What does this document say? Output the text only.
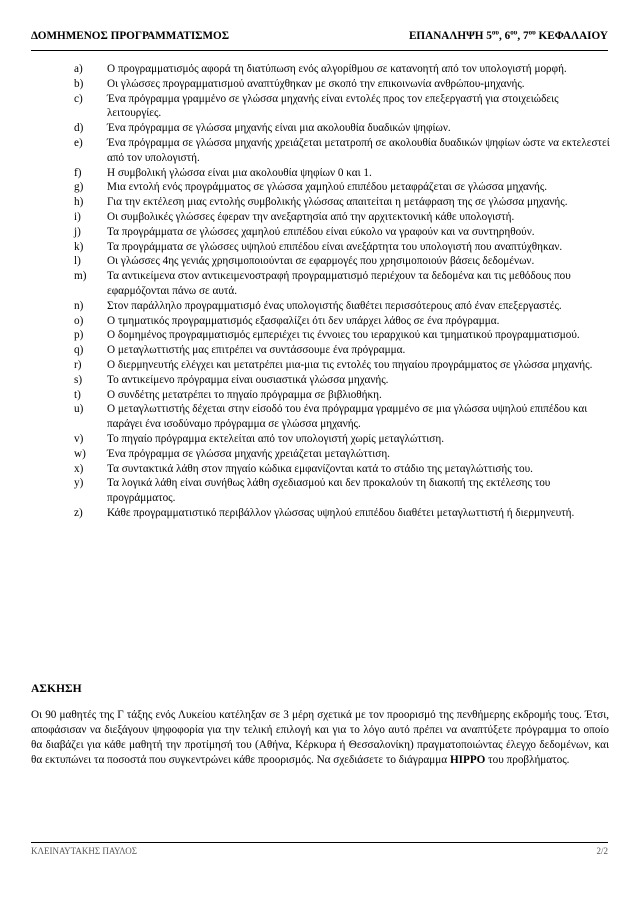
ΔΟΜΗΜΕΝΟΣ ΠΡΟΓΡΑΜΜΑΤΙΣΜΟΣ	ΕΠΑΝΑΛΗΨΗ $5^{o\upsilon}$, $6^{o\upsilon}$, $7^{o\upsilon}$ ΚΕΦΑΛΑΙΟΥ
a)	Ο προγραμματισμός αφορά τη διατύπωση ενός αλγορίθμου σε κατανοητή από τον υπολογιστή μορφή.
b)	Οι γλώσσες προγραμματισμού αναπτύχθηκαν με σκοπό την επικοινωνία ανθρώπου-μηχανής.
c)	Ένα πρόγραμμα γραμμένο σε γλώσσα μηχανής είναι εντολές προς τον επεξεργαστή για στοιχειώδεις λειτουργίες.
d)	Ένα πρόγραμμα σε γλώσσα μηχανής είναι μια ακολουθία δυαδικών ψηφίων.
e)	Ένα πρόγραμμα σε γλώσσα μηχανής χρειάζεται μετατροπή σε ακολουθία δυαδικών ψηφίων ώστε να εκτελεστεί από τον υπολογιστή.
f)	Η συμβολική γλώσσα είναι μια ακολουθία ψηφίων 0 και 1.
g)	Μια εντολή ενός προγράμματος σε γλώσσα χαμηλού επιπέδου μεταφράζεται σε γλώσσα μηχανής.
h)	Για την εκτέλεση μιας εντολής συμβολικής γλώσσας απαιτείται η μετάφραση της σε γλώσσα μηχανής.
i)	Οι συμβολικές γλώσσες έφεραν την ανεξαρτησία από την αρχιτεκτονική κάθε υπολογιστή.
j)	Τα προγράμματα σε γλώσσες χαμηλού επιπέδου είναι εύκολο να γραφούν και να συντηρηθούν.
k)	Τα προγράμματα σε γλώσσες υψηλού επιπέδου είναι ανεξάρτητα του υπολογιστή που αναπτύχθηκαν.
l)	Οι γλώσσες 4ης γενιάς χρησιμοποιούνται σε εφαρμογές που χρησιμοποιούν βάσεις δεδομένων.
m)	Τα αντικείμενα στον αντικειμενοστραφή προγραμματισμό περιέχουν τα δεδομένα και τις μεθόδους που εφαρμόζονται πάνω σε αυτά.
n)	Στον παράλληλο προγραμματισμό ένας υπολογιστής διαθέτει περισσότερους από έναν επεξεργαστές.
o)	Ο τμηματικός προγραμματισμός εξασφαλίζει ότι δεν υπάρχει λάθος σε ένα πρόγραμμα.
p)	Ο δομημένος προγραμματισμός εμπεριέχει τις έννοιες του ιεραρχικού και τμηματικού προγραμματισμού.
q)	Ο μεταγλωττιστής μας επιτρέπει να συντάσσουμε ένα πρόγραμμα.
r)	Ο διερμηνευτής ελέγχει και μετατρέπει μια-μια τις εντολές του πηγαίου προγράμματος σε γλώσσα μηχανής.
s)	Το αντικείμενο πρόγραμμα είναι ουσιαστικά γλώσσα μηχανής.
t)	Ο συνδέτης μετατρέπει το πηγαίο πρόγραμμα σε βιβλιοθήκη.
u)	Ο μεταγλωττιστής δέχεται στην είσοδό του ένα πρόγραμμα γραμμένο σε μια γλώσσα υψηλού επιπέδου και παράγει ένα ισοδύναμο πρόγραμμα σε γλώσσα μηχανής.
v)	Το πηγαίο πρόγραμμα εκτελείται από τον υπολογιστή χωρίς μεταγλώττιση.
w)	Ένα πρόγραμμα σε γλώσσα μηχανής χρειάζεται μεταγλώττιση.
x)	Τα συντακτικά λάθη στον πηγαίο κώδικα εμφανίζονται κατά το στάδιο της μεταγλώττισής του.
y)	Τα λογικά λάθη είναι συνήθως λάθη σχεδιασμού και δεν προκαλούν τη διακοπή της εκτέλεσης του προγράμματος.
z)	Κάθε προγραμματιστικό περιβάλλον γλώσσας υψηλού επιπέδου διαθέτει μεταγλωττιστή ή διερμηνευτή.
ΑΣΚΗΣΗ
Οι 90 μαθητές της Γ τάξης ενός Λυκείου κατέληξαν σε 3 μέρη σχετικά με τον προορισμό της πενθήμερης εκδρομής τους. Έτσι, αποφάσισαν να διεξάγουν ψηφοφορία για την τελική επιλογή και για το λόγο αυτό πρέπει να αναπτύξετε πρόγραμμα το οποίο θα διαβάζει για κάθε μαθητή την προτίμησή του (Αθήνα, Κέρκυρα ή Θεσσαλονίκη) πραγματοποιώντας έλεγχο δεδομένων, και θα εκτυπώνει τα ποσοστά που συγκεντρώνει κάθε προορισμός. Να σχεδιάσετε το διάγραμμα HIPPO του προβλήματος.
ΚΛΕΙΝΑΥΤΑΚΗΣ ΠΑΥΛΟΣ	2/2
